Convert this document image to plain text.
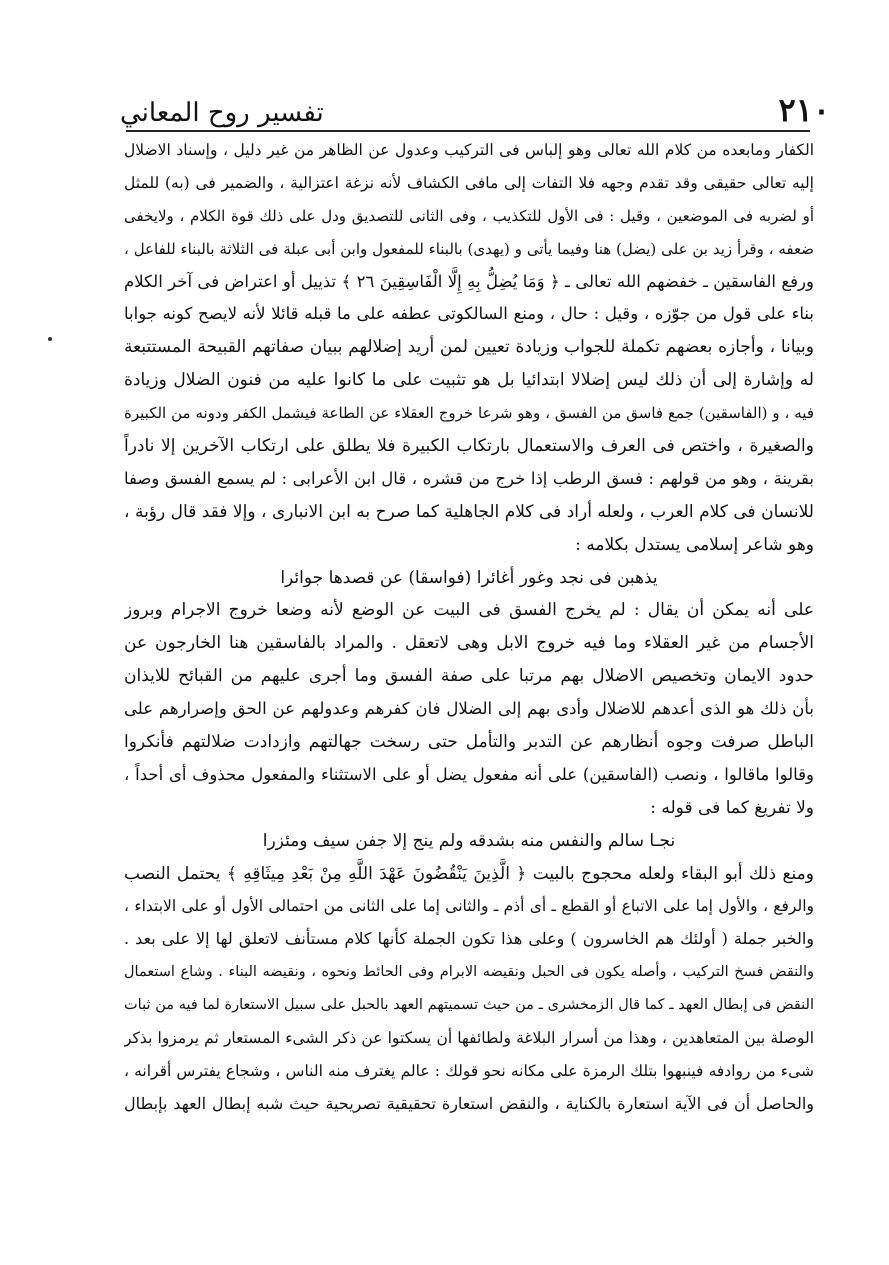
٢١٠
تفسير روح المعاني
الكفار ومابعده من كلام الله تعالى وهو إلباس فى التركيب وعدول عن الظاهر من غير دليل ، وإسناد الاضلال
إليه تعالى حقيقى وقد تقدم وجهه فلا التفات إلى مافى الكشاف لأنه نزغة اعتزالية ، والضمير فى (به) للمثل
أو لضربه فى الموضعين ، وقيل : فى الأول للتكذيب ، وفى الثانى للتصديق ودل على ذلك قوة الكلام ، ولايخفى
ضعفه ، وقرأ زيد بن على (يضل) هنا وفيما يأتى و (يهدى) بالبناء للمفعول وابن أبى عبلة فى الثلاثة بالبناء للفاعل ،
ورفع الفاسقين ـ خفضهم الله تعالى ـ ﴿ وَمَا يُضِلُّ بِهِ إِلَّا الْفَاسِقِينَ ٢٦ ﴾ تذييل أو اعتراض فى آخر الكلام
بناء على قول من جوّزه ، وقيل : حال ، ومنع السالكوتى عطفه على ما قبله قائلا لأنه لايصح كونه جوابا
وبيانا ، وأجازه بعضهم تكملة للجواب وزيادة تعيين لمن أريد إضلالهم ببيان صفاتهم القبيحة المستتبعة
له وإشارة إلى أن ذلك ليس إضلالا ابتدائيا بل هو تثبيت على ما كانوا عليه من فنون الضلال وزيادة
فيه ، و (الفاسقين) جمع فاسق من الفسق ، وهو شرعا خروج العقلاء عن الطاعة فيشمل الكفر ودونه من الكبيرة
والصغيرة ، واختص فى العرف والاستعمال بارتكاب الكبيرة فلا يطلق على ارتكاب الآخرين إلا نادراً
بقرينة ، وهو من قولهم : فسق الرطب إذا خرج من قشره ، قال ابن الأعرابى : لم يسمع الفسق وصفا
للانسان فى كلام العرب ، ولعله أراد فى كلام الجاهلية كما صرح به ابن الانبارى ، وإلا فقد قال رؤبة ،
وهو شاعر إسلامى يستدل بكلامه :
يذهبن فى نجد وغور أغائرا (فواسقا) عن قصدها جوائرا
على أنه يمكن أن يقال : لم يخرج الفسق فى البيت عن الوضع لأنه وضعا خروج الاجرام وبروز
الأجسام من غير العقلاء وما فيه خروج الابل وهى لاتعقل . والمراد بالفاسقين هنا الخارجون عن
حدود الايمان وتخصيص الاضلال بهم مرتبا على صفة الفسق وما أجرى عليهم من القبائح للايذان
بأن ذلك هو الذى أعدهم للاضلال وأدى بهم إلى الضلال فان كفرهم وعدولهم عن الحق وإصرارهم على
الباطل صرفت وجوه أنظارهم عن التدبر والتأمل حتى رسخت جهالتهم وازدادت ضلالتهم فأنكروا
وقالوا ماقالوا ، ونصب (الفاسقين) على أنه مفعول يضل أو على الاستثناء والمفعول محذوف أى أحداً ،
ولا تفريغ كما فى قوله :
نجـا سالم والنفس منه بشدقه ولم ينج إلا جفن سيف ومئزرا
ومنع ذلك أبو البقاء ولعله محجوج بالبيت ﴿ الَّذِينَ يَنْقُضُونَ عَهْدَ اللَّهِ مِنْ بَعْدِ مِيثَاقِهِ ﴾ يحتمل النصب
والرفع ، والأول إما على الاتباع أو القطع ـ أى أذم ـ والثانى إما على الثانى من احتمالى الأول أو على الابتداء ،
والخبر جملة ( أولئك هم الخاسرون ) وعلى هذا تكون الجملة كأنها كلام مستأنف لاتعلق لها إلا على بعد .
والنقض فسخ التركيب ، وأصله يكون فى الحبل ونقيضه الابرام وفى الحائط ونحوه ، ونقيضه البناء . وشاع استعمال
النقض فى إبطال العهد ـ كما قال الزمخشرى ـ من حيث تسميتهم العهد بالحبل على سبيل الاستعارة لما فيه من ثبات
الوصلة بين المتعاهدين ، وهذا من أسرار البلاغة ولطائفها أن يسكتوا عن ذكر الشىء المستعار ثم يرمزوا بذكر
شىء من روادفه فينبهوا بتلك الرمزة على مكانه نحو قولك : عالم يغترف منه الناس ، وشجاع يفترس أقرانه ،
والحاصل أن فى الآية استعارة بالكناية ، والنقض استعارة تحقيقية تصريحية حيث شبه إبطال العهد بإبطال
